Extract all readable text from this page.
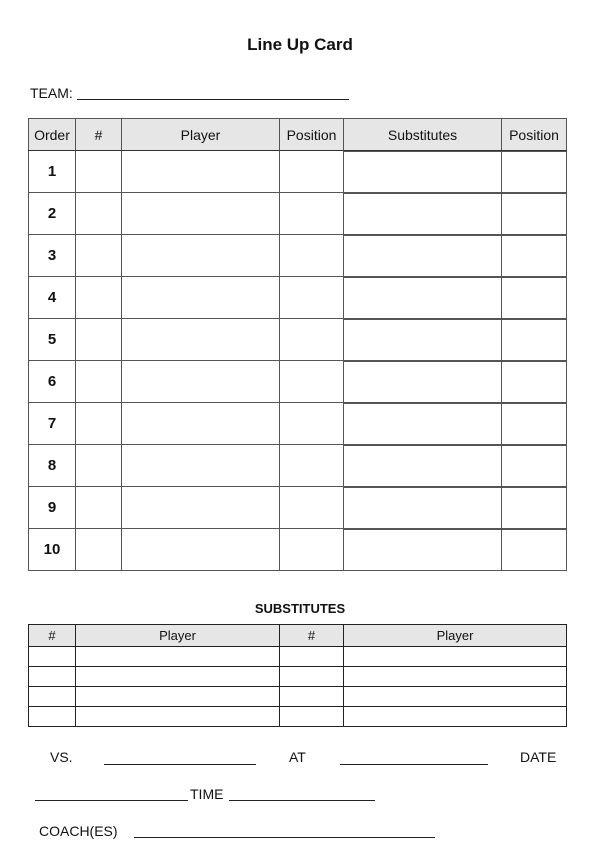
Line Up Card
TEAM:
Order	#	Player	Position	Substitutes	Position
1				

2				

3				

4				

5				

6				

7				

8				

9				

10				

SUBSTITUTES
#	Player	#	Player

VS.	AT	DATE
TIME
COACH(ES)
